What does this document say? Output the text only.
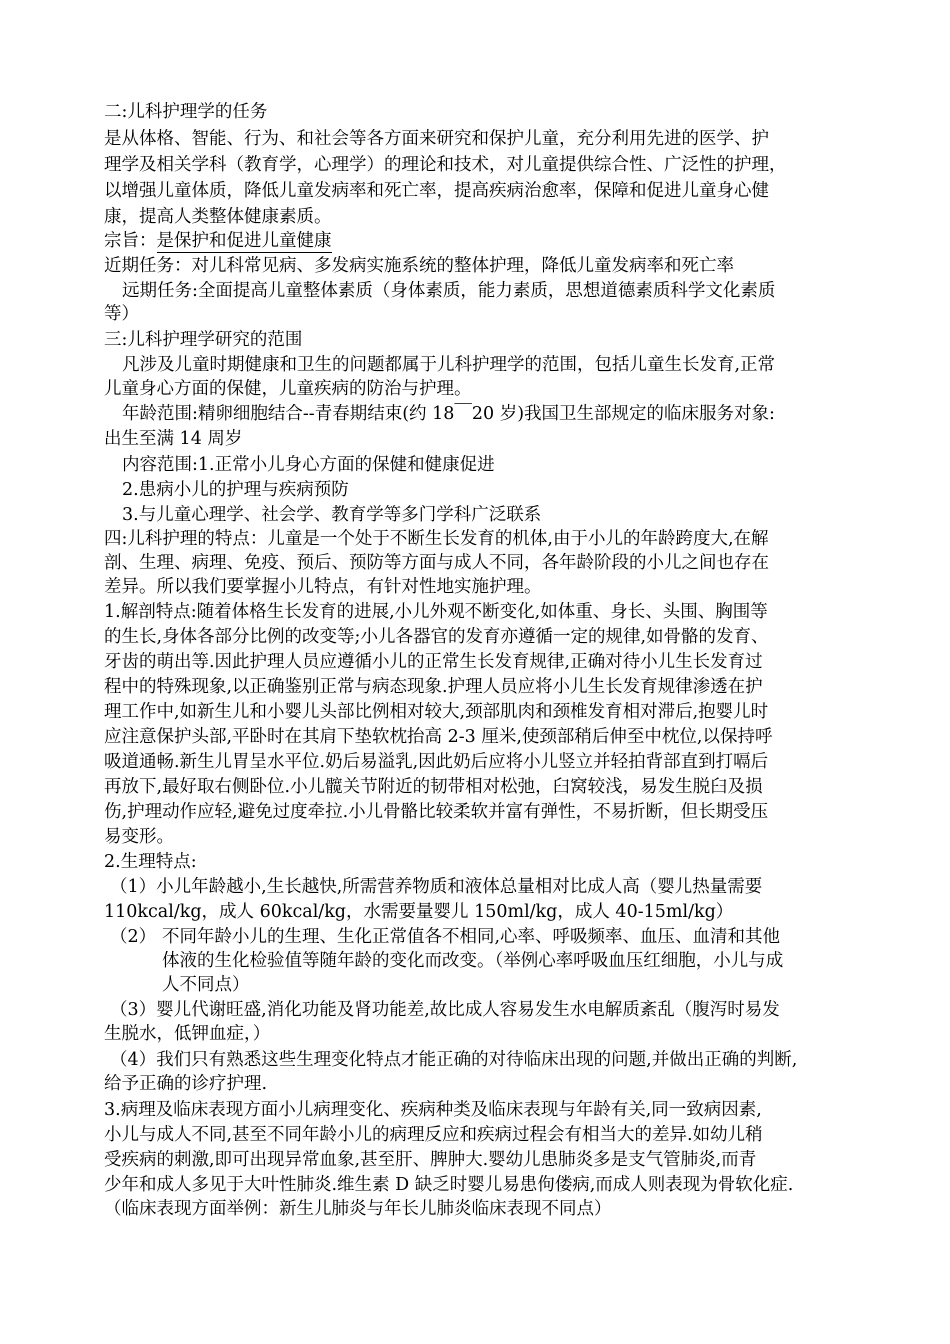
二:儿科护理学的任务
是从体格、智能、行为、和社会等各方面来研究和保护儿童，充分利用先进的医学、护
理学及相关学科（教育学，心理学）的理论和技术，对儿童提供综合性、广泛性的护理，
以增强儿童体质，降低儿童发病率和死亡率，提高疾病治愈率，保障和促进儿童身心健
康，提高人类整体健康素质。
宗旨：是保护和促进儿童健康
近期任务：对儿科常见病、多发病实施系统的整体护理，降低儿童发病率和死亡率
远期任务:全面提高儿童整体素质（身体素质，能力素质，思想道德素质科学文化素质
等）
三:儿科护理学研究的范围
凡涉及儿童时期健康和卫生的问题都属于儿科护理学的范围，包括儿童生长发育,正常
儿童身心方面的保健，儿童疾病的防治与护理。
年龄范围:精卵细胞结合--青春期结束(约 18￣20 岁)我国卫生部规定的临床服务对象:
出生至满 14 周岁
内容范围:1.正常小儿身心方面的保健和健康促进
2.患病小儿的护理与疾病预防
3.与儿童心理学、社会学、教育学等多门学科广泛联系
四:儿科护理的特点：儿童是一个处于不断生长发育的机体,由于小儿的年龄跨度大,在解
剖、生理、病理、免疫、预后、预防等方面与成人不同，各年龄阶段的小儿之间也存在
差异。所以我们要掌握小儿特点，有针对性地实施护理。
1.解剖特点:随着体格生长发育的进展,小儿外观不断变化,如体重、身长、头围、胸围等
的生长,身体各部分比例的改变等;小儿各器官的发育亦遵循一定的规律,如骨骼的发育、
牙齿的萌出等.因此护理人员应遵循小儿的正常生长发育规律,正确对待小儿生长发育过
程中的特殊现象,以正确鉴别正常与病态现象.护理人员应将小儿生长发育规律渗透在护
理工作中,如新生儿和小婴儿头部比例相对较大,颈部肌肉和颈椎发育相对滞后,抱婴儿时
应注意保护头部,平卧时在其肩下垫软枕抬高 2-3 厘米,使颈部稍后伸至中枕位,以保持呼
吸道通畅.新生儿胃呈水平位.奶后易溢乳,因此奶后应将小儿竖立并轻拍背部直到打嗝后
再放下,最好取右侧卧位.小儿髋关节附近的韧带相对松弛，臼窝较浅，易发生脱臼及损
伤,护理动作应轻,避免过度牵拉.小儿骨骼比较柔软并富有弹性，不易折断，但长期受压
易变形。
2.生理特点:
（1）小儿年龄越小,生长越快,所需营养物质和液体总量相对比成人高（婴儿热量需要
110kcal/kg，成人 60kcal/kg，水需要量婴儿 150ml/kg，成人 40-15ml/kg）
（2） 不同年龄小儿的生理、生化正常值各不相同,心率、呼吸频率、血压、血清和其他
体液的生化检验值等随年龄的变化而改变。（举例心率呼吸血压红细胞，小儿与成
人不同点）
（3）婴儿代谢旺盛,消化功能及肾功能差,故比成人容易发生水电解质紊乱（腹泻时易发
生脱水，低钾血症，）
（4）我们只有熟悉这些生理变化特点才能正确的对待临床出现的问题,并做出正确的判断,
给予正确的诊疗护理.
3.病理及临床表现方面小儿病理变化、疾病种类及临床表现与年龄有关,同一致病因素,
小儿与成人不同,甚至不同年龄小儿的病理反应和疾病过程会有相当大的差异.如幼儿稍
受疾病的刺激,即可出现异常血象,甚至肝、脾肿大.婴幼儿患肺炎多是支气管肺炎,而青
少年和成人多见于大叶性肺炎.维生素 D 缺乏时婴儿易患佝偻病,而成人则表现为骨软化症.
（临床表现方面举例：新生儿肺炎与年长儿肺炎临床表现不同点）
